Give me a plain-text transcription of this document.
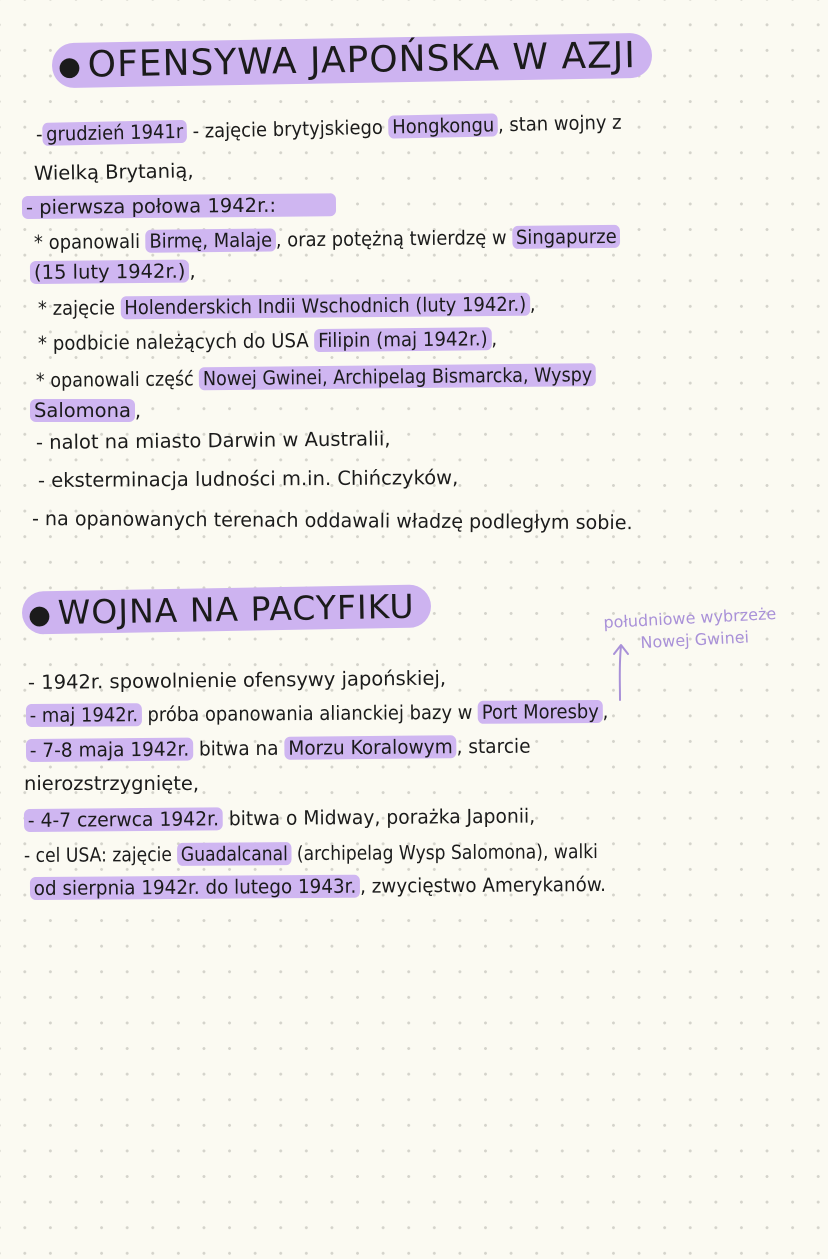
● OFENSYWA JAPOŃSKA W AZJI
- grudzień 1941r - zajęcie brytyjskiego Hongkongu , stan wojny z
Wielką Brytanią,
- pierwsza połowa 1942r.:
* opanowali Birmę, Malaje , oraz potężną twierdzę w Singapurze
(15 luty 1942r.) ,
* zajęcie Holenderskich Indii Wschodnich (luty 1942r.) ,
* podbicie należących do USA Filipin (maj 1942r.) ,
* opanowali część Nowej Gwinei, Archipelag Bismarcka, Wyspy
Salomona ,
- nalot na miasto Darwin w Australii,
- eksterminacja ludności m.in. Chińczyków,
- na opanowanych terenach oddawali władzę podległym sobie.
● WOJNA NA PACYFIKU	południowe wybrzeże
Nowej Gwinei
- 1942r. spowolnienie ofensywy japońskiej,
- maj 1942r. próba opanowania alianckiej bazy w Port Moresby ,
- 7-8 maja 1942r. bitwa na Morzu Koralowym , starcie
nierozstrzygnięte,
- 4-7 czerwca 1942r. bitwa o Midway, porażka Japonii,
- cel USA: zajęcie Guadalcanal (archipelag Wysp Salomona), walki
od sierpnia 1942r. do lutego 1943r. , zwycięstwo Amerykanów.
